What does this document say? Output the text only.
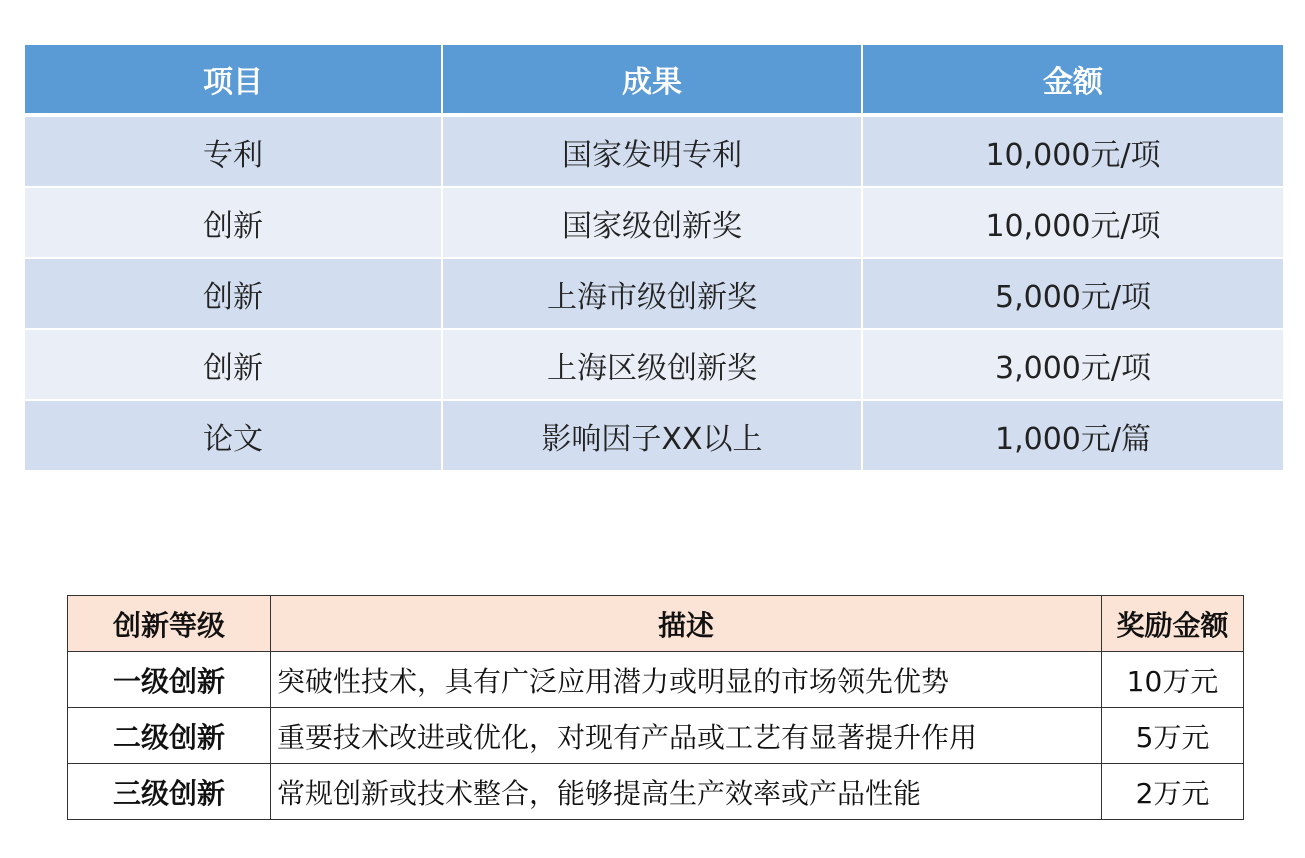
项目	成果	金额
专利	国家发明专利	10,000元/项
创新	国家级创新奖	10,000元/项
创新	上海市级创新奖	5,000元/项
创新	上海区级创新奖	3,000元/项
论文	影响因子XX以上	1,000元/篇
创新等级	描述	奖励金额
一级创新	突破性技术，具有广泛应用潜力或明显的市场领先优势	10万元
二级创新	重要技术改进或优化，对现有产品或工艺有显著提升作用	5万元
三级创新	常规创新或技术整合，能够提高生产效率或产品性能	2万元
